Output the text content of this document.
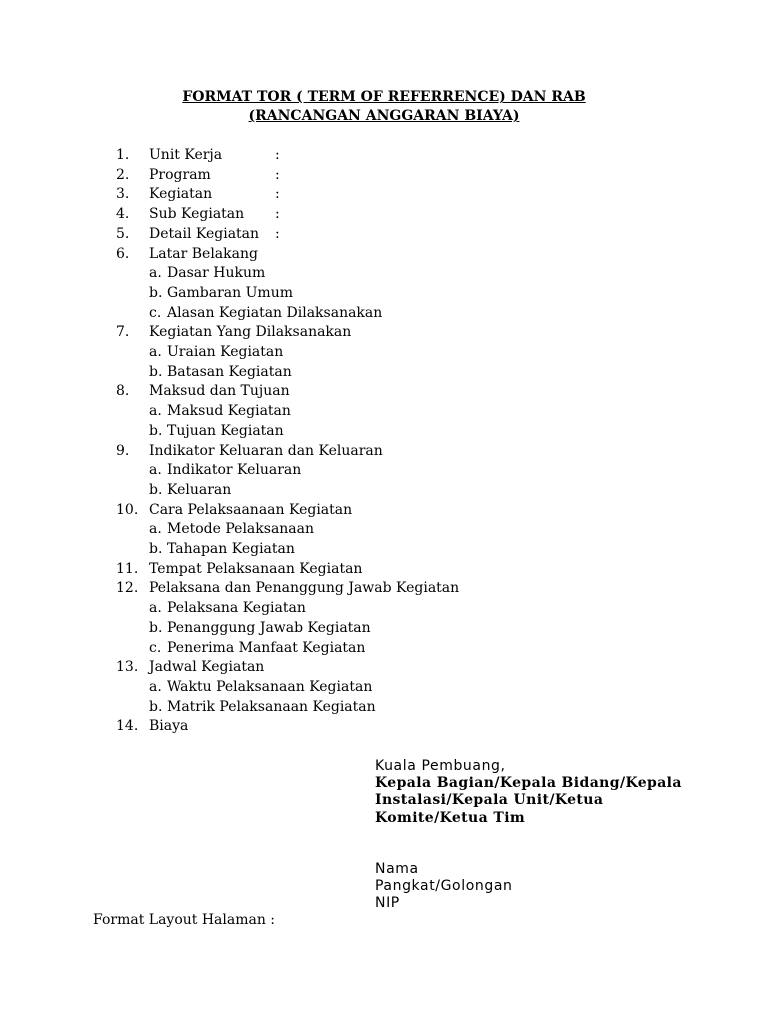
FORMAT TOR ( TERM OF REFERRENCE) DAN RAB
(RANCANGAN ANGGARAN BIAYA)
1. Unit Kerja	:
2. Program	:
3. Kegiatan	:
4. Sub Kegiatan :
5. Detail Kegiatan :
6. Latar Belakang
a. Dasar Hukum
b. Gambaran Umum
c. Alasan Kegiatan Dilaksanakan
7. Kegiatan Yang Dilaksanakan
a. Uraian Kegiatan
b. Batasan Kegiatan
8. Maksud dan Tujuan
a. Maksud Kegiatan
b. Tujuan Kegiatan
9. Indikator Keluaran dan Keluaran
a. Indikator Keluaran
b. Keluaran
10. Cara Pelaksaanaan Kegiatan
a. Metode Pelaksanaan
b. Tahapan Kegiatan
11. Tempat Pelaksanaan Kegiatan
12. Pelaksana dan Penanggung Jawab Kegiatan
a. Pelaksana Kegiatan
b. Penanggung Jawab Kegiatan
c. Penerima Manfaat Kegiatan
13. Jadwal Kegiatan
a. Waktu Pelaksanaan Kegiatan
b. Matrik Pelaksanaan Kegiatan
14. Biaya
Kuala Pembuang,
Kepala Bagian/Kepala Bidang/Kepala
Instalasi/Kepala Unit/Ketua
Komite/Ketua Tim
Nama
Pangkat/Golongan
NIP
Format Layout Halaman :
